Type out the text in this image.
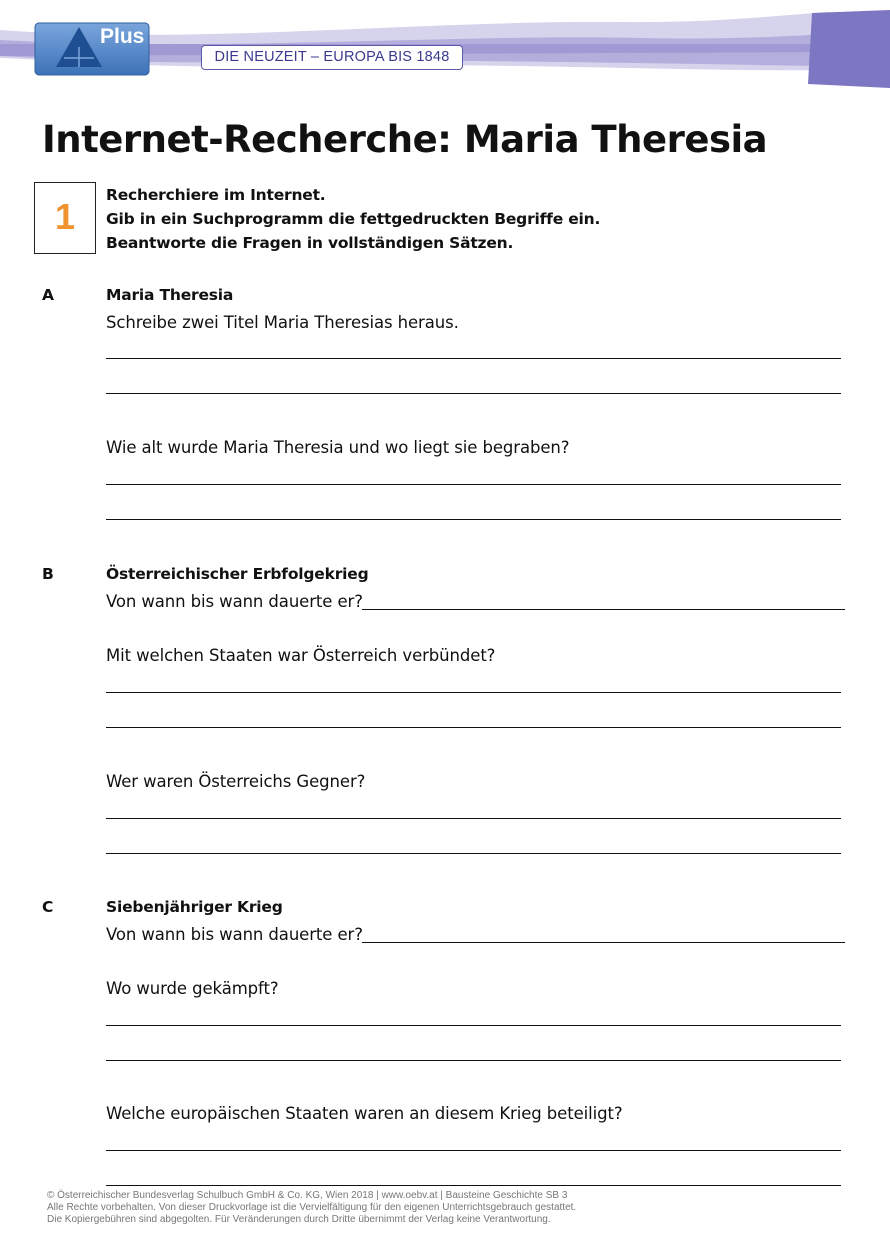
Plus
DIE NEUZEIT – EUROPA BIS 1848
Internet-Recherche: Maria Theresia
1
Recherchiere im Internet.
Gib in ein Suchprogramm die fettgedruckten Begriffe ein.
Beantworte die Fragen in vollständigen Sätzen.
A	Maria Theresia
Schreibe zwei Titel Maria Theresias heraus.
Wie alt wurde Maria Theresia und wo liegt sie begraben?
B	Österreichischer Erbfolgekrieg
Von wann bis wann dauerte er?
Mit welchen Staaten war Österreich verbündet?
Wer waren Österreichs Gegner?
C	Siebenjähriger Krieg
Von wann bis wann dauerte er?
Wo wurde gekämpft?
Welche europäischen Staaten waren an diesem Krieg beteiligt?
© Österreichischer Bundesverlag Schulbuch GmbH & Co. KG, Wien 2018 | www.oebv.at | Bausteine Geschichte SB 3
Alle Rechte vorbehalten. Von dieser Druckvorlage ist die Vervielfältigung für den eigenen Unterrichtsgebrauch gestattet.
Die Kopiergebühren sind abgegolten. Für Veränderungen durch Dritte übernimmt der Verlag keine Verantwortung.
